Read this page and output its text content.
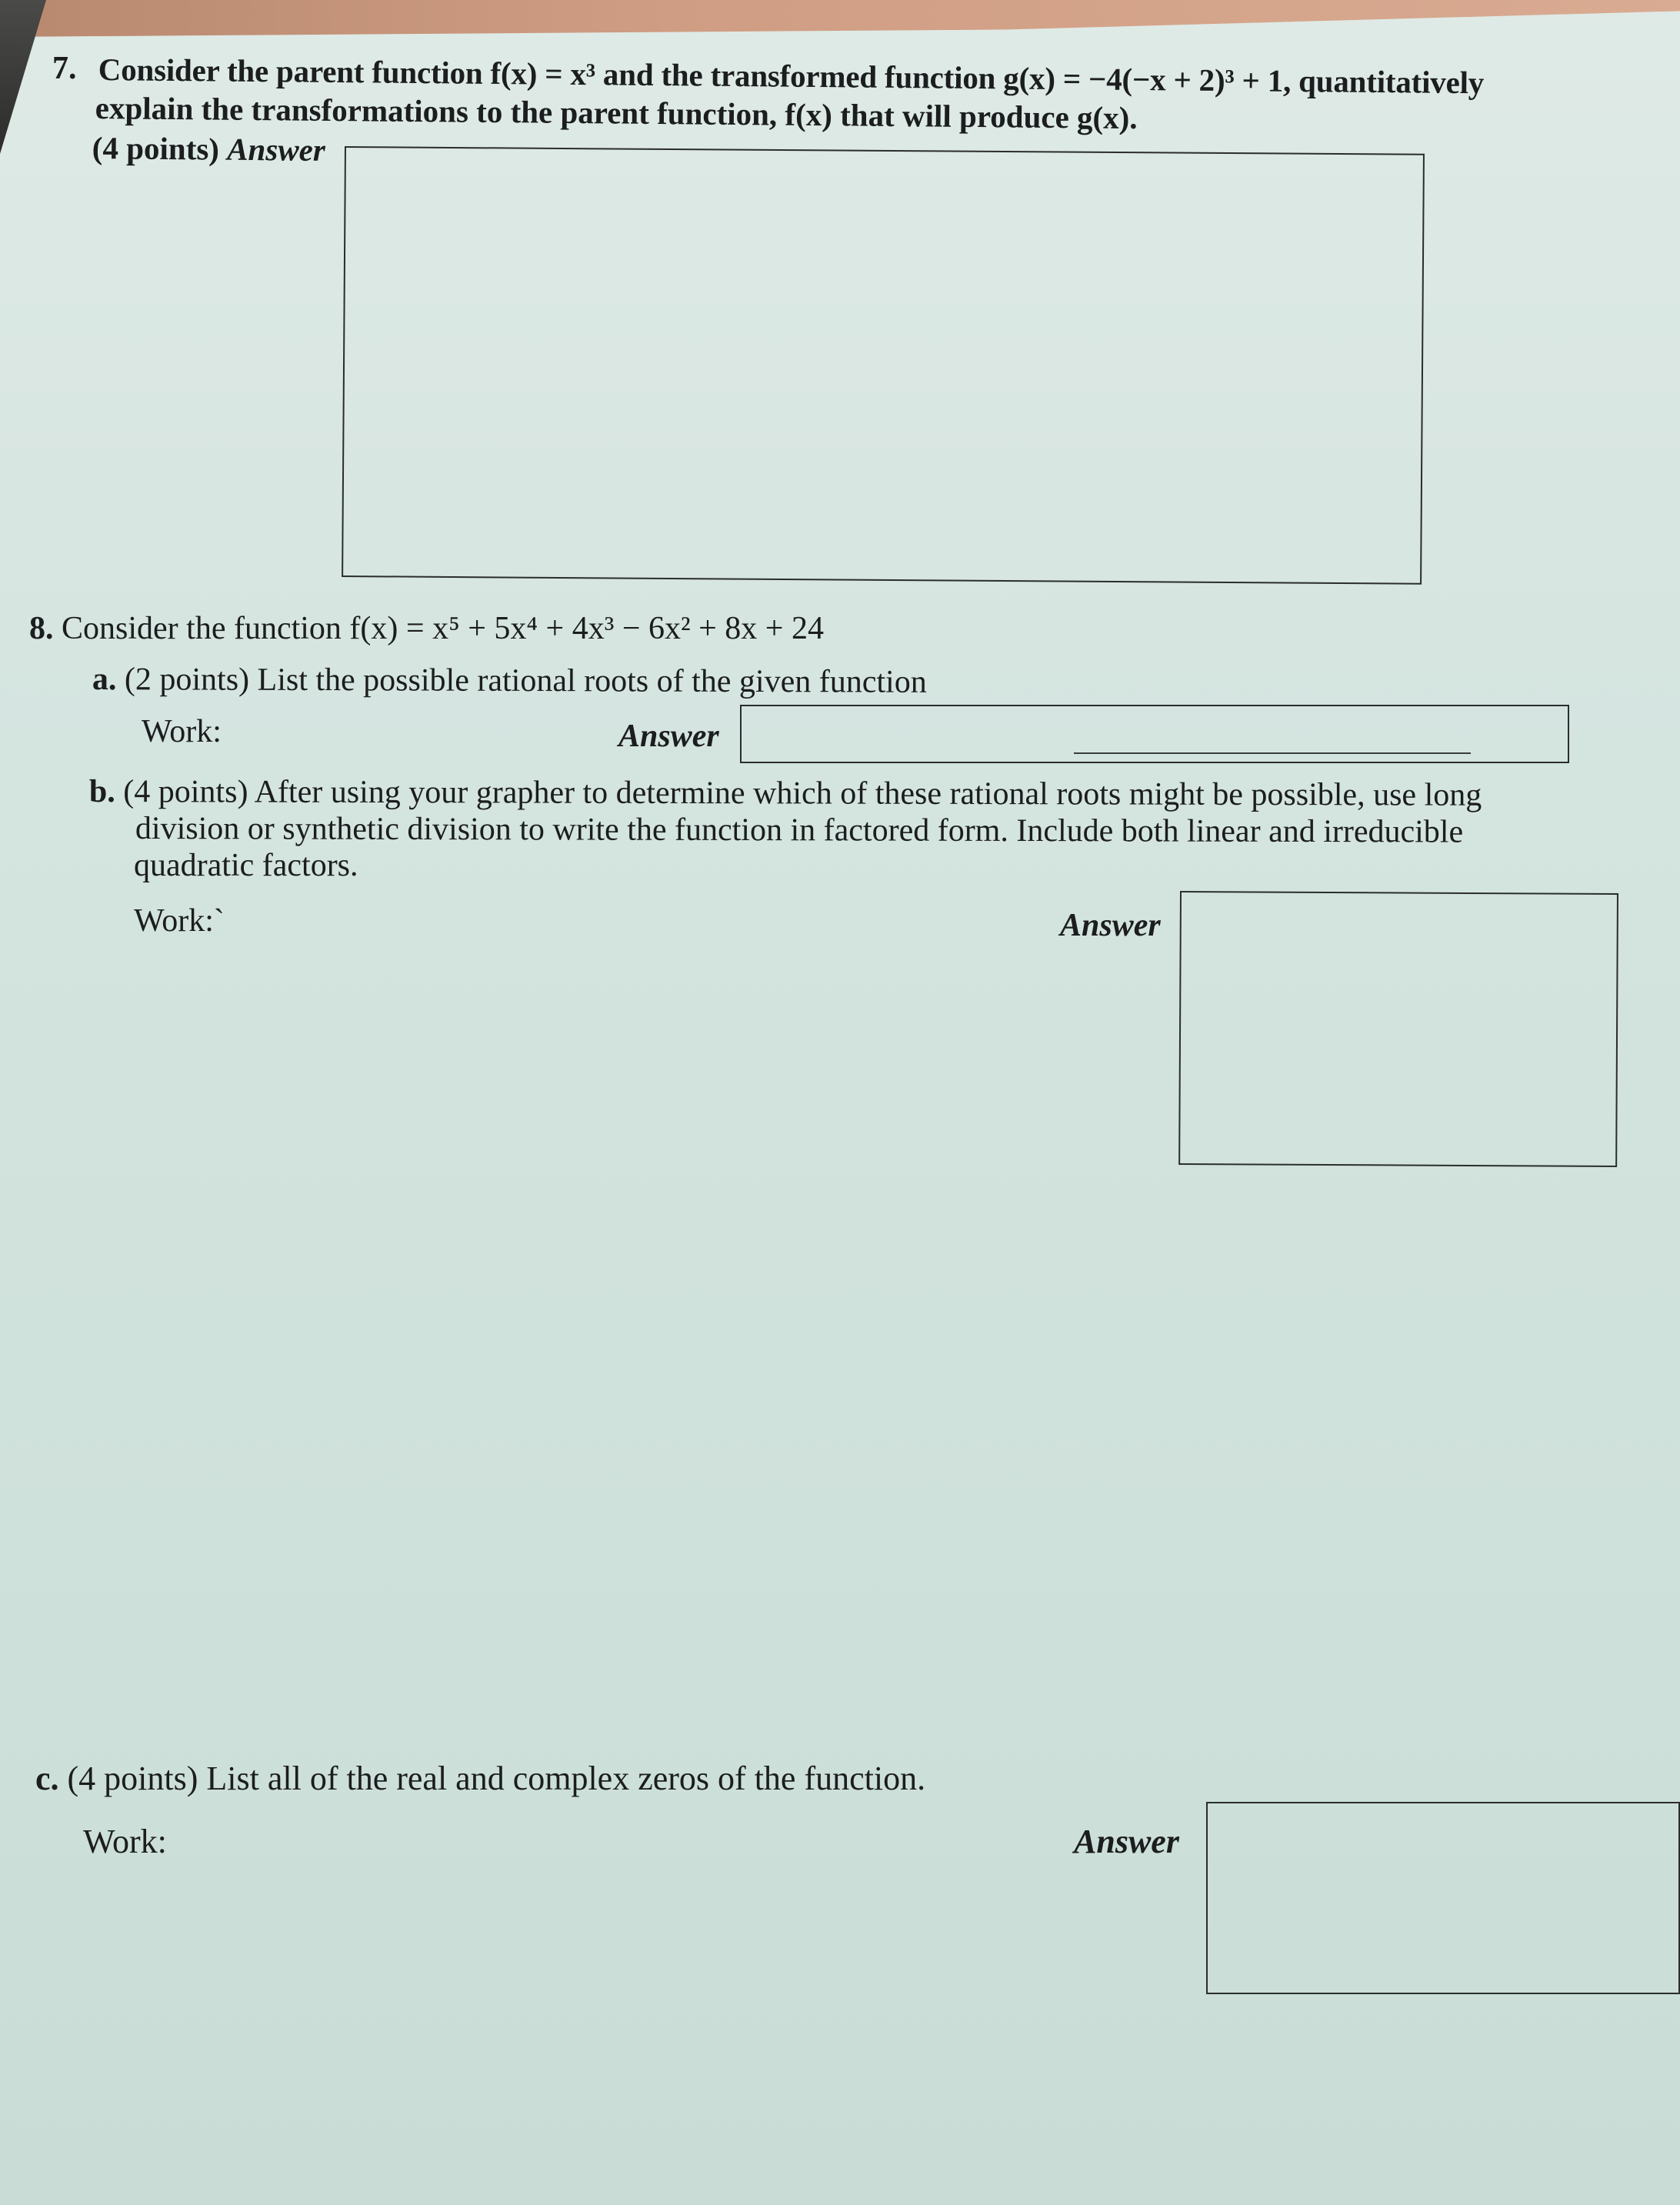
7. Consider the parent function f(x) = x³ and the transformed function g(x) = −4(−x + 2)³ + 1, quantitatively
explain the transformations to the parent function, f(x) that will produce g(x).
(4 points) Answer
8. Consider the function f(x) = x⁵ + 5x⁴ + 4x³ − 6x² + 8x + 24
a. (2 points) List the possible rational roots of the given function
Work:	Answer
b. (4 points) After using your grapher to determine which of these rational roots might be possible, use long
division or synthetic division to write the function in factored form. Include both linear and irreducible
quadratic factors.
Work:`	Answer
c. (4 points) List all of the real and complex zeros of the function.
Work:	Answer
